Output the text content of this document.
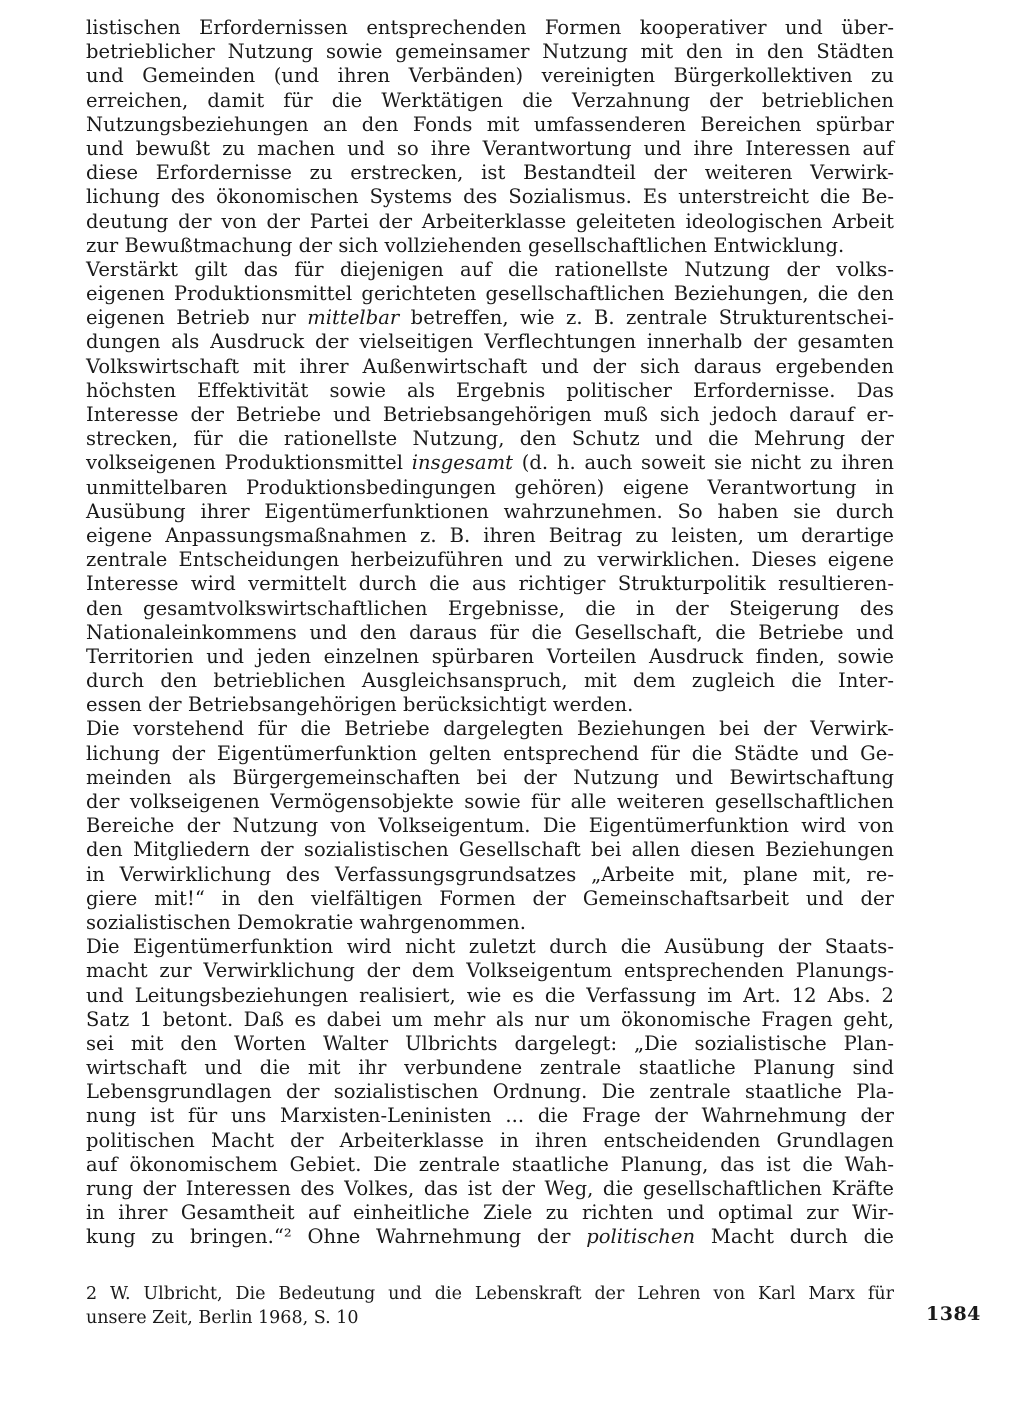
listischen Erfordernissen entsprechenden Formen kooperativer und über-
betrieblicher Nutzung sowie gemeinsamer Nutzung mit den in den Städten
und Gemeinden (und ihren Verbänden) vereinigten Bürgerkollektiven zu
erreichen, damit für die Werktätigen die Verzahnung der betrieblichen
Nutzungsbeziehungen an den Fonds mit umfassenderen Bereichen spürbar
und bewußt zu machen und so ihre Verantwortung und ihre Interessen auf
diese Erfordernisse zu erstrecken, ist Bestandteil der weiteren Verwirk-
lichung des ökonomischen Systems des Sozialismus. Es unterstreicht die Be-
deutung der von der Partei der Arbeiterklasse geleiteten ideologischen Arbeit
zur Bewußtmachung der sich vollziehenden gesellschaftlichen Entwicklung.
Verstärkt gilt das für diejenigen auf die rationellste Nutzung der volks-
eigenen Produktionsmittel gerichteten gesellschaftlichen Beziehungen, die den
eigenen Betrieb nur mittelbar betreffen, wie z. B. zentrale Strukturentschei-
dungen als Ausdruck der vielseitigen Verflechtungen innerhalb der gesamten
Volkswirtschaft mit ihrer Außenwirtschaft und der sich daraus ergebenden
höchsten Effektivität sowie als Ergebnis politischer Erfordernisse. Das
Interesse der Betriebe und Betriebsangehörigen muß sich jedoch darauf er-
strecken, für die rationellste Nutzung, den Schutz und die Mehrung der
volkseigenen Produktionsmittel insgesamt (d. h. auch soweit sie nicht zu ihren
unmittelbaren Produktionsbedingungen gehören) eigene Verantwortung in
Ausübung ihrer Eigentümerfunktionen wahrzunehmen. So haben sie durch
eigene Anpassungsmaßnahmen z. B. ihren Beitrag zu leisten, um derartige
zentrale Entscheidungen herbeizuführen und zu verwirklichen. Dieses eigene
Interesse wird vermittelt durch die aus richtiger Strukturpolitik resultieren-
den gesamtvolkswirtschaftlichen Ergebnisse, die in der Steigerung des
Nationaleinkommens und den daraus für die Gesellschaft, die Betriebe und
Territorien und jeden einzelnen spürbaren Vorteilen Ausdruck finden, sowie
durch den betrieblichen Ausgleichsanspruch, mit dem zugleich die Inter-
essen der Betriebsangehörigen berücksichtigt werden.
Die vorstehend für die Betriebe dargelegten Beziehungen bei der Verwirk-
lichung der Eigentümerfunktion gelten entsprechend für die Städte und Ge-
meinden als Bürgergemeinschaften bei der Nutzung und Bewirtschaftung
der volkseigenen Vermögensobjekte sowie für alle weiteren gesellschaftlichen
Bereiche der Nutzung von Volkseigentum. Die Eigentümerfunktion wird von
den Mitgliedern der sozialistischen Gesellschaft bei allen diesen Beziehungen
in Verwirklichung des Verfassungsgrundsatzes „Arbeite mit, plane mit, re-
giere mit!“ in den vielfältigen Formen der Gemeinschaftsarbeit und der
sozialistischen Demokratie wahrgenommen.
Die Eigentümerfunktion wird nicht zuletzt durch die Ausübung der Staats-
macht zur Verwirklichung der dem Volkseigentum entsprechenden Planungs-
und Leitungsbeziehungen realisiert, wie es die Verfassung im Art. 12 Abs. 2
Satz 1 betont. Daß es dabei um mehr als nur um ökonomische Fragen geht,
sei mit den Worten Walter Ulbrichts dargelegt: „Die sozialistische Plan-
wirtschaft und die mit ihr verbundene zentrale staatliche Planung sind
Lebensgrundlagen der sozialistischen Ordnung. Die zentrale staatliche Pla-
nung ist für uns Marxisten-Leninisten ... die Frage der Wahrnehmung der
politischen Macht der Arbeiterklasse in ihren entscheidenden Grundlagen
auf ökonomischem Gebiet. Die zentrale staatliche Planung, das ist die Wah-
rung der Interessen des Volkes, das ist der Weg, die gesellschaftlichen Kräfte
in ihrer Gesamtheit auf einheitliche Ziele zu richten und optimal zur Wir-
kung zu bringen.“² Ohne Wahrnehmung der politischen Macht durch die
2 W. Ulbricht, Die Bedeutung und die Lebenskraft der Lehren von Karl Marx für
unsere Zeit, Berlin 1968, S. 10	1384
